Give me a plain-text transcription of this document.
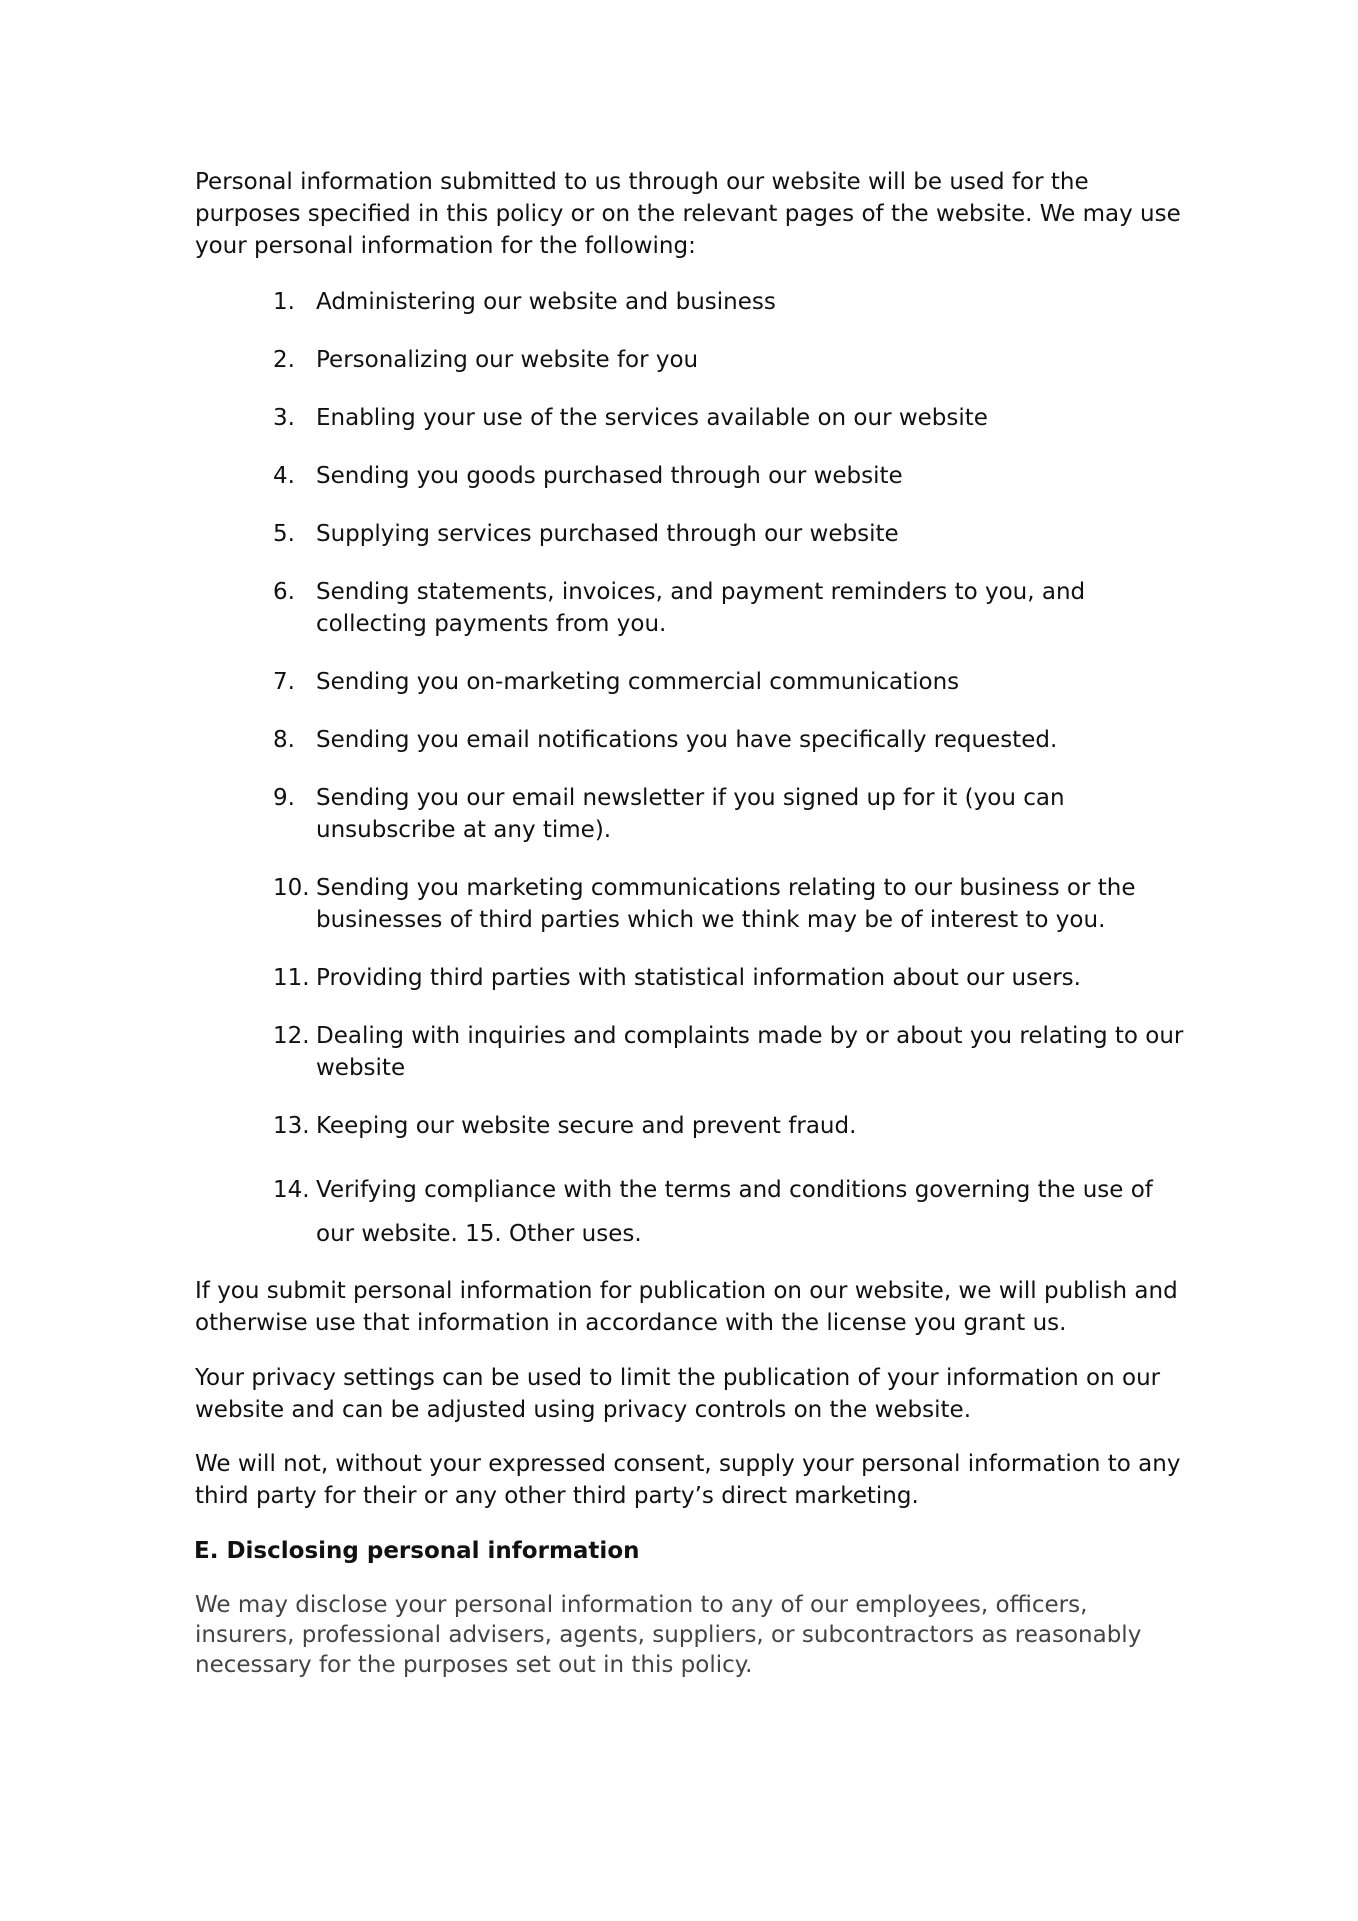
Personal information submitted to us through our website will be used for the purposes specified in this policy or on the relevant pages of the website. We may use your personal information for the following:

1. Administering our website and business
2. Personalizing our website for you
3. Enabling your use of the services available on our website
4. Sending you goods purchased through our website
5. Supplying services purchased through our website
6. Sending statements, invoices, and payment reminders to you, and collecting payments from you.
7. Sending you on-marketing commercial communications
8. Sending you email notifications you have specifically requested.
9. Sending you our email newsletter if you signed up for it (you can unsubscribe at any time).
10. Sending you marketing communications relating to our business or the businesses of third parties which we think may be of interest to you.
11. Providing third parties with statistical information about our users.
12. Dealing with inquiries and complaints made by or about you relating to our website
13. Keeping our website secure and prevent fraud.
14. Verifying compliance with the terms and conditions governing the use of our website. 15. Other uses.

If you submit personal information for publication on our website, we will publish and otherwise use that information in accordance with the license you grant us.

Your privacy settings can be used to limit the publication of your information on our website and can be adjusted using privacy controls on the website.

We will not, without your expressed consent, supply your personal information to any third party for their or any other third party’s direct marketing.

E. Disclosing personal information

We may disclose your personal information to any of our employees, officers, insurers, professional advisers, agents, suppliers, or subcontractors as reasonably necessary for the purposes set out in this policy.
